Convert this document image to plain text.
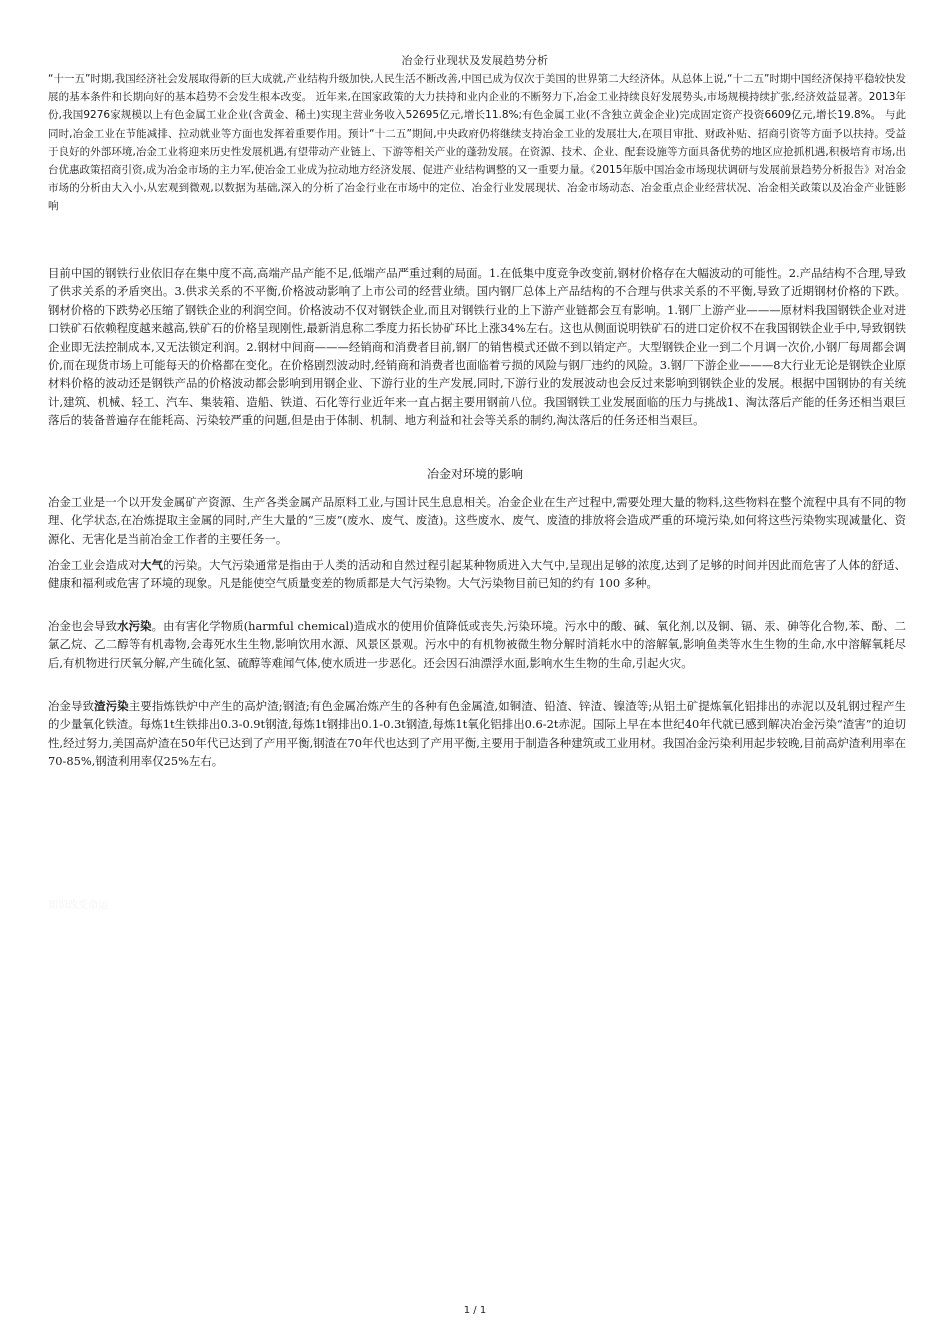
冶金行业现状及发展趋势分析
“十一五”时期,我国经济社会发展取得新的巨大成就,产业结构升级加快,人民生活不断改善,中国已成为仅次于美国的世界第二大经济体。从总体上说,“十二五”时期中国经济保持平稳较快发展的基本条件和长期向好的基本趋势不会发生根本改变。 近年来,在国家政策的大力扶持和业内企业的不断努力下,冶金工业持续良好发展势头,市场规模持续扩张,经济效益显著。2013年份,我国9276家规模以上有色金属工业企业(含黄金、稀土)实现主营业务收入52695亿元,增长11.8%;有色金属工业(不含独立黄金企业)完成固定资产投资6609亿元,增长19.8%。 与此同时,冶金工业在节能减排、拉动就业等方面也发挥着重要作用。预计“十二五”期间,中央政府仍将继续支持冶金工业的发展壮大,在项目审批、财政补贴、招商引资等方面予以扶持。受益于良好的外部环境,冶金工业将迎来历史性发展机遇,有望带动产业链上、下游等相关产业的蓬勃发展。在资源、技术、企业、配套设施等方面具备优势的地区应抢抓机遇,积极培育市场,出台优惠政策招商引资,成为冶金市场的主力军,使冶金工业成为拉动地方经济发展、促进产业结构调整的又一重要力量。《2015年版中国冶金市场现状调研与发展前景趋势分析报告》对冶金市场的分析由大入小,从宏观到微观,以数据为基础,深入的分析了冶金行业在市场中的定位、冶金行业发展现状、冶金市场动态、冶金重点企业经营状况、冶金相关政策以及冶金产业链影响
目前中国的钢铁行业依旧存在集中度不高,高端产品产能不足,低端产品严重过剩的局面。1.在低集中度竞争改变前,钢材价格存在大幅波动的可能性。2.产品结构不合理,导致了供求关系的矛盾突出。3.供求关系的不平衡,价格波动影响了上市公司的经营业绩。国内钢厂总体上产品结构的不合理与供求关系的不平衡,导致了近期钢材价格的下跌。钢材价格的下跌势必压缩了钢铁企业的利润空间。价格波动不仅对钢铁企业,而且对钢铁行业的上下游产业链都会互有影响。1.钢厂上游产业———原材料我国钢铁企业对进口铁矿石依赖程度越来越高,铁矿石的价格呈现刚性,最新消息称二季度力拓长协矿环比上涨34%左右。这也从侧面说明铁矿石的进口定价权不在我国钢铁企业手中,导致钢铁企业即无法控制成本,又无法锁定利润。2.钢材中间商———经销商和消费者目前,钢厂的销售模式还做不到以销定产。大型钢铁企业一到二个月调一次价,小钢厂每周都会调价,而在现货市场上可能每天的价格都在变化。在价格剧烈波动时,经销商和消费者也面临着亏损的风险与钢厂违约的风险。3.钢厂下游企业———8大行业无论是钢铁企业原材料价格的波动还是钢铁产品的价格波动都会影响到用钢企业、下游行业的生产发展,同时,下游行业的发展波动也会反过来影响到钢铁企业的发展。根据中国钢协的有关统计,建筑、机械、轻工、汽车、集装箱、造船、铁道、石化等行业近年来一直占据主要用钢前八位。我国钢铁工业发展面临的压力与挑战1、淘汰落后产能的任务还相当艰巨 落后的装备普遍存在能耗高、污染较严重的问题,但是由于体制、机制、地方利益和社会等关系的制约,淘汰落后的任务还相当艰巨。
冶金对环境的影响
冶金工业是一个以开发金属矿产资源、生产各类金属产品原料工业,与国计民生息息相关。冶金企业在生产过程中,需要处理大量的物料,这些物料在整个流程中具有不同的物理、化学状态,在冶炼提取主金属的同时,产生大量的“三废”(废水、废气、废渣)。这些废水、废气、废渣的排放将会造成严重的环境污染,如何将这些污染物实现减量化、资源化、无害化是当前冶金工作者的主要任务一。
冶金工业会造成对大气的污染。大气污染通常是指由于人类的活动和自然过程引起某种物质进入大气中,呈现出足够的浓度,达到了足够的时间并因此而危害了人体的舒适、健康和福利或危害了环境的现象。凡是能使空气质量变差的物质都是大气污染物。大气污染物目前已知的约有 100 多种。
冶金也会导致水污染。由有害化学物质(harmful chemical)造成水的使用价值降低或丧失,污染环境。污水中的酸、碱、氧化剂,以及铜、镉、汞、砷等化合物,苯、酚、二氯乙烷、乙二醇等有机毒物,会毒死水生生物,影响饮用水源、风景区景观。污水中的有机物被微生物分解时消耗水中的溶解氧,影响鱼类等水生生物的生命,水中溶解氧耗尽后,有机物进行厌氧分解,产生硫化氢、硫醇等难闻气体,使水质进一步恶化。还会因石油漂浮水面,影响水生生物的生命,引起火灾。
冶金导致渣污染主要指炼铁炉中产生的高炉渣;钢渣;有色金属冶炼产生的各种有色金属渣,如铜渣、铅渣、锌渣、镍渣等;从铝土矿提炼氧化铝排出的赤泥以及轧钢过程产生的少量氧化铁渣。每炼1t生铁排出0.3-0.9t钢渣,每炼1t钢排出0.1-0.3t钢渣,每炼1t氧化铝排出0.6-2t赤泥。国际上早在本世纪40年代就已感到解决冶金污染“渣害”的迫切性,经过努力,美国高炉渣在50年代已达到了产用平衡,钢渣在70年代也达到了产用平衡,主要用于制造各种建筑或工业用材。我国冶金污染利用起步较晚,目前高炉渣利用率在70-85%,钢渣利用率仅25%左右。
知识改变命运
1 / 1
